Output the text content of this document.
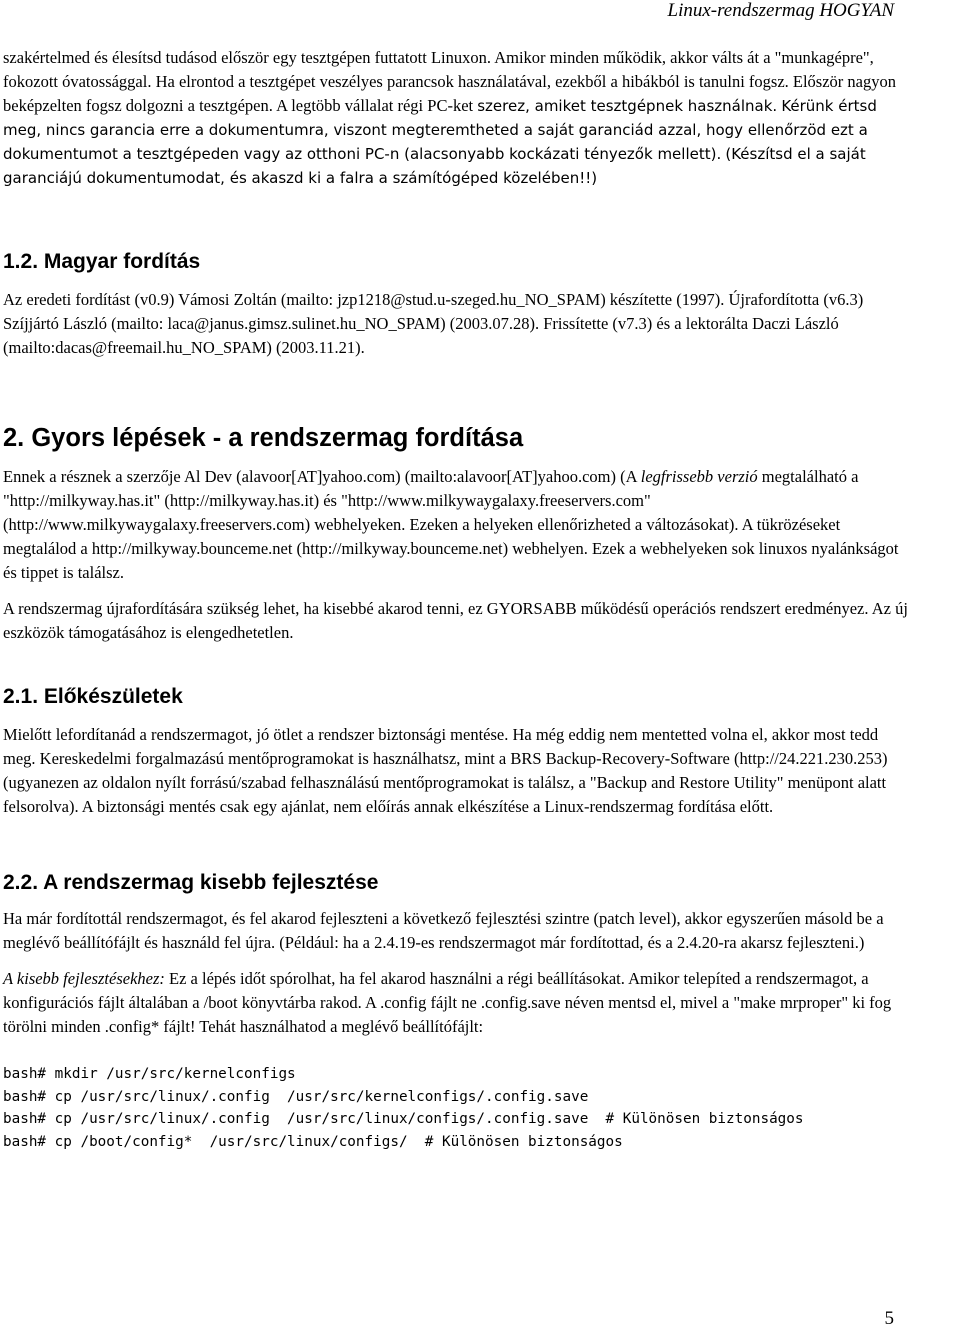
Linux-rendszermag HOGYAN

szakértelmed és élesítsd tudásod először egy tesztgépen futtatott Linuxon. Amikor minden működik, akkor válts át a "munkagépre", fokozott óvatossággal. Ha elrontod a tesztgépet veszélyes parancsok használatával, ezekből a hibákból is tanulni fogsz. Először nagyon beképzelten fogsz dolgozni a tesztgépen. A legtöbb vállalat régi PC-ket szerez, amiket tesztgépnek használnak. Kérünk értsd meg, nincs garancia erre a dokumentumra, viszont megteremtheted a saját garanciád azzal, hogy ellenőrzöd ezt a dokumentumot a tesztgépeden vagy az otthoni PC-n (alacsonyabb kockázati tényezők mellett). (Készítsd el a saját garanciájú dokumentumodat, és akaszd ki a falra a számítógéped közelében!!)

1.2. Magyar fordítás

Az eredeti fordítást (v0.9) Vámosi Zoltán (mailto: jzp1218@stud.u-szeged.hu_NO_SPAM) készítette (1997). Újrafordította (v6.3) Szíjjártó László (mailto: laca@janus.gimsz.sulinet.hu_NO_SPAM) (2003.07.28). Frissítette (v7.3) és a lektorálta Daczi László (mailto:dacas@freemail.hu_NO_SPAM) (2003.11.21).

2. Gyors lépések - a rendszermag fordítása

Ennek a résznek a szerzője Al Dev (alavoor[AT]yahoo.com) (mailto:alavoor[AT]yahoo.com) (A legfrissebb verzió megtalálható a "http://milkyway.has.it" (http://milkyway.has.it) és "http://www.milkywaygalaxy.freeservers.com" (http://www.milkywaygalaxy.freeservers.com) webhelyeken. Ezeken a helyeken ellenőrizheted a változásokat). A tükrözéseket megtalálod a http://milkyway.bounceme.net (http://milkyway.bounceme.net) webhelyen. Ezek a webhelyeken sok linuxos nyalánkságot és tippet is találsz.

A rendszermag újrafordítására szükség lehet, ha kisebbé akarod tenni, ez GYORSABB működésű operációs rendszert eredményez. Az új eszközök támogatásához is elengedhetetlen.

2.1. Előkészületek

Mielőtt lefordítanád a rendszermagot, jó ötlet a rendszer biztonsági mentése. Ha még eddig nem mentetted volna el, akkor most tedd meg. Kereskedelmi forgalmazású mentőprogramokat is használhatsz, mint a BRS Backup-Recovery-Software (http://24.221.230.253) (ugyanezen az oldalon nyílt forrású/szabad felhasználású mentőprogramokat is találsz, a "Backup and Restore Utility" menüpont alatt felsorolva). A biztonsági mentés csak egy ajánlat, nem előírás annak elkészítése a Linux-rendszermag fordítása előtt.

2.2. A rendszermag kisebb fejlesztése

Ha már fordítottál rendszermagot, és fel akarod fejleszteni a következő fejlesztési szintre (patch level), akkor egyszerűen másold be a meglévő beállítófájlt és használd fel újra. (Például: ha a 2.4.19-es rendszermagot már fordítottad, és a 2.4.20-ra akarsz fejleszteni.)

A kisebb fejlesztésekhez: Ez a lépés időt spórolhat, ha fel akarod használni a régi beállításokat. Amikor telepíted a rendszermagot, a konfigurációs fájlt általában a /boot könyvtárba rakod. A .config fájlt ne .config.save néven mentsd el, mivel a "make mrproper" ki fog törölni minden .config* fájlt! Tehát használhatod a meglévő beállítófájlt:

bash# mkdir /usr/src/kernelconfigs
bash# cp /usr/src/linux/.config  /usr/src/kernelconfigs/.config.save
bash# cp /usr/src/linux/.config  /usr/src/linux/configs/.config.save  # Különösen biztonságos
bash# cp /boot/config*  /usr/src/linux/configs/  # Különösen biztonságos
5
